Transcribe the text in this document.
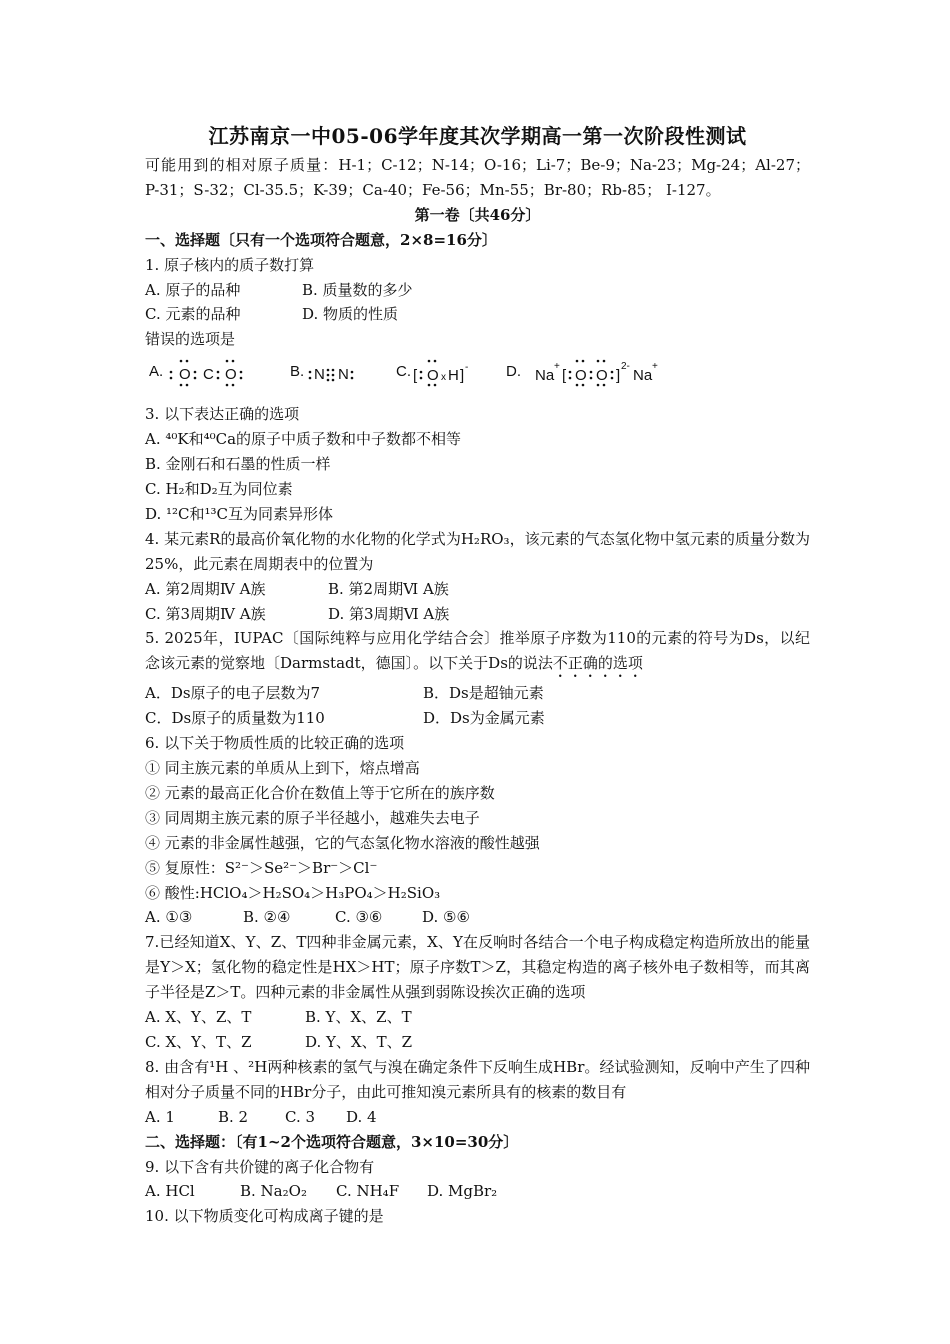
江苏南京一中05-06学年度其次学期高一第一次阶段性测试
可能用到的相对原子质量：H-1；C-12；N-14；O-16；Li-7；Be-9；Na-23；Mg-24；Al-27；P-31；S-32；Cl-35.5；K-39；Ca-40；Fe-56；Mn-55；Br-80；Rb-85； I-127。
第一卷〔共46分〕
一、选择题〔只有一个选项符合题意，2×8=16分〕
1. 原子核内的质子数打算
A. 原子的品种	B. 质量数的多少
C. 元素的品种	D. 物质的性质
错误的选项是
A. O C O	B. N N	C. [ O x H ] -	D. Na
+
[ O O ]
2-
Na
+
3. 以下表达正确的选项
A. ⁴⁰K和⁴⁰Ca的原子中质子数和中子数都不相等
B. 金刚石和石墨的性质一样
C. H₂和D₂互为同位素
D. ¹²C和¹³C互为同素异形体
4. 某元素R的最高价氧化物的水化物的化学式为H₂RO₃，该元素的气态氢化物中氢元素的质量分数为25%，此元素在周期表中的位置为
A. 第2周期Ⅳ A族	B. 第2周期Ⅵ A族
C. 第3周期Ⅳ A族	D. 第3周期Ⅵ A族
5. 2025年，IUPAC〔国际纯粹与应用化学结合会〕推举原子序数为110的元素的符号为Ds，以纪念该元素的觉察地〔Darmstadt，德国〕。以下关于Ds的说法不正确的选项
A．Ds原子的电子层数为7	B．Ds是超铀元素
C．Ds原子的质量数为110	D．Ds为金属元素
6. 以下关于物质性质的比较正确的选项
① 同主族元素的单质从上到下，熔点增高
② 元素的最高正化合价在数值上等于它所在的族序数
③ 同周期主族元素的原子半径越小，越难失去电子
④ 元素的非金属性越强，它的气态氢化物水溶液的酸性越强
⑤ 复原性：S²⁻＞Se²⁻＞Br⁻＞Cl⁻
⑥ 酸性:HClO₄＞H₂SO₄＞H₃PO₄＞H₂SiO₃
A. ①③	B. ②④	C. ③⑥	D. ⑤⑥
7.已经知道X、Y、Z、T四种非金属元素，X、Y在反响时各结合一个电子构成稳定构造所放出的能量是Y＞X；氢化物的稳定性是HX＞HT；原子序数T＞Z，其稳定构造的离子核外电子数相等，而其离子半径是Z＞T。四种元素的非金属性从强到弱陈设挨次正确的选项
A. X、Y、Z、T	B. Y、X、Z、T
C. X、Y、T、Z	D. Y、X、T、Z
8. 由含有¹H 、²H两种核素的氢气与溴在确定条件下反响生成HBr。经试验测知，反响中产生了四种相对分子质量不同的HBr分子，由此可推知溴元素所具有的核素的数目有
A. 1	B. 2 C. 3 D. 4
二、选择题：〔有1~2个选项符合题意，3×10=30分〕
9. 以下含有共价键的离子化合物有
A. HCl	B. Na₂O₂ C. NH₄F D. MgBr₂
10. 以下物质变化可构成离子键的是
